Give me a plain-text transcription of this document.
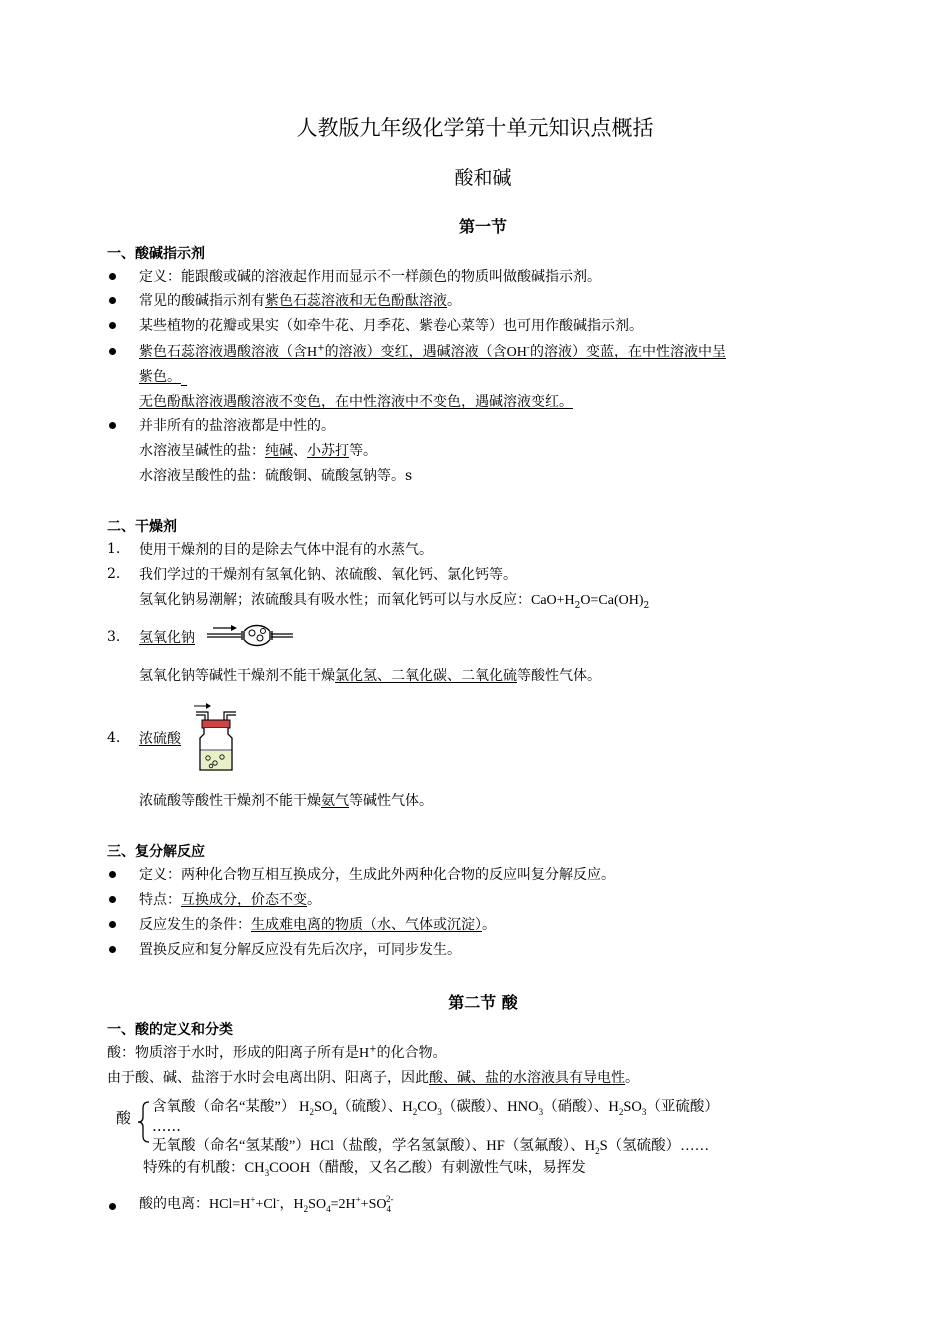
人教版九年级化学第十单元知识点概括
酸和碱
第一节
一、酸碱指示剂
定义：能跟酸或碱的溶液起作用而显示不一样颜色的物质叫做酸碱指示剂。
常见的酸碱指示剂有紫色石蕊溶液和无色酚酞溶液。
某些植物的花瓣或果实（如牵牛花、月季花、紫卷心菜等）也可用作酸碱指示剂。
紫色石蕊溶液遇酸溶液（含H+的溶液）变红，遇碱溶液（含OH-的溶液）变蓝，在中性溶液中呈
紫色。
无色酚酞溶液遇酸溶液不变色，在中性溶液中不变色，遇碱溶液变红。
并非所有的盐溶液都是中性的。
水溶液呈碱性的盐：纯碱、小苏打等。
水溶液呈酸性的盐：硫酸铜、硫酸氢钠等。s
二、干燥剂
1. 使用干燥剂的目的是除去气体中混有的水蒸气。
2. 我们学过的干燥剂有氢氧化钠、浓硫酸、氧化钙、氯化钙等。
氢氧化钠易潮解；浓硫酸具有吸水性；而氧化钙可以与水反应：$CaO+H_2O=Ca(OH)_2$
3. 氢氧化钠
氢氧化钠等碱性干燥剂不能干燥氯化氢、二氧化碳、二氧化硫等酸性气体。
4. 浓硫酸
浓硫酸等酸性干燥剂不能干燥氨气等碱性气体。
三、复分解反应
定义：两种化合物互相互换成分，生成此外两种化合物的反应叫复分解反应。
特点：互换成分，价态不变。
反应发生的条件：生成难电离的物质（水、气体或沉淀）。
置换反应和复分解反应没有先后次序，可同步发生。
第二节 酸
一、酸的定义和分类
酸：物质溶于水时，形成的阳离子所有是H+的化合物。
由于酸、碱、盐溶于水时会电离出阴、阳离子，因此酸、碱、盐的水溶液具有导电性。
酸
含氧酸（命名“某酸”） $H_2SO_4$（硫酸）、$H_2CO_3$（碳酸）、$HNO_3$（硝酸）、$H_2SO_3$（亚硫酸）
……
无氧酸（命名“氢某酸”）HCl（盐酸，学名氢氯酸）、HF（氢氟酸）、$H_2S$（氢硫酸）……
特殊的有机酸：$CH_3COOH$（醋酸，又名乙酸）有刺激性气味，易挥发
酸的电离：HCl=H++Cl-，$H_2SO_4=2H^++SO_4^{2-}$
